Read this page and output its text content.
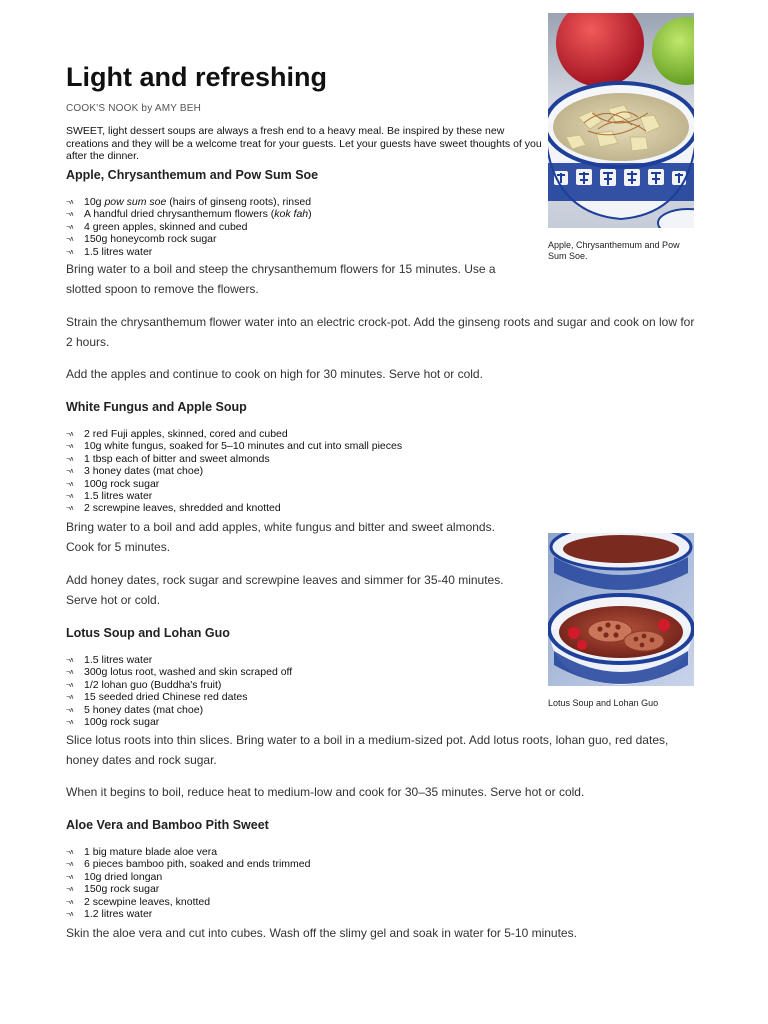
Light and refreshing
COOK'S NOOK by AMY BEH
SWEET, light dessert soups are always a fresh end to a heavy meal. Be inspired by these new creations and they will be a welcome treat for your guests. Let your guests have sweet thoughts of you after the dinner.
Apple, Chrysanthemum and Pow Sum Soe
¬∧ 10g pow sum soe (hairs of ginseng roots), rinsed
¬∧ A handful dried chrysanthemum flowers (kok fah)
¬∧ 4 green apples, skinned and cubed
¬∧ 150g honeycomb rock sugar
¬∧ 1.5 litres water

Bring water to a boil and steep the chrysanthemum flowers for 15 minutes. Use a slotted spoon to remove the flowers.

Strain the chrysanthemum flower water into an electric crock-pot. Add the ginseng roots and sugar and cook on low for 2 hours.

Add the apples and continue to cook on high for 30 minutes. Serve hot or cold.

White Fungus and Apple Soup
¬∧ 2 red Fuji apples, skinned, cored and cubed
¬∧ 10g white fungus, soaked for 5–10 minutes and cut into small pieces
¬∧ 1 tbsp each of bitter and sweet almonds
¬∧ 3 honey dates (mat choe)
¬∧ 100g rock sugar
¬∧ 1.5 litres water
¬∧ 2 screwpine leaves, shredded and knotted

Bring water to a boil and add apples, white fungus and bitter and sweet almonds. Cook for 5 minutes.

Add honey dates, rock sugar and screwpine leaves and simmer for 35-40 minutes. Serve hot or cold.

Lotus Soup and Lohan Guo
¬∧ 1.5 litres water
¬∧ 300g lotus root, washed and skin scraped off
¬∧ 1/2 lohan guo (Buddha's fruit)
¬∧ 15 seeded dried Chinese red dates
¬∧ 5 honey dates (mat choe)
¬∧ 100g rock sugar

Slice lotus roots into thin slices. Bring water to a boil in a medium-sized pot. Add lotus roots, lohan guo, red dates, honey dates and rock sugar.

When it begins to boil, reduce heat to medium-low and cook for 30–35 minutes. Serve hot or cold.

Aloe Vera and Bamboo Pith Sweet
¬∧ 1 big mature blade aloe vera
¬∧ 6 pieces bamboo pith, soaked and ends trimmed
¬∧ 10g dried longan
¬∧ 150g rock sugar
¬∧ 2 scewpine leaves, knotted
¬∧ 1.2 litres water

Skin the aloe vera and cut into cubes. Wash off the slimy gel and soak in water for 5-10 minutes.

Apple, Chrysanthemum and Pow Sum Soe.
Lotus Soup and Lohan Guo
